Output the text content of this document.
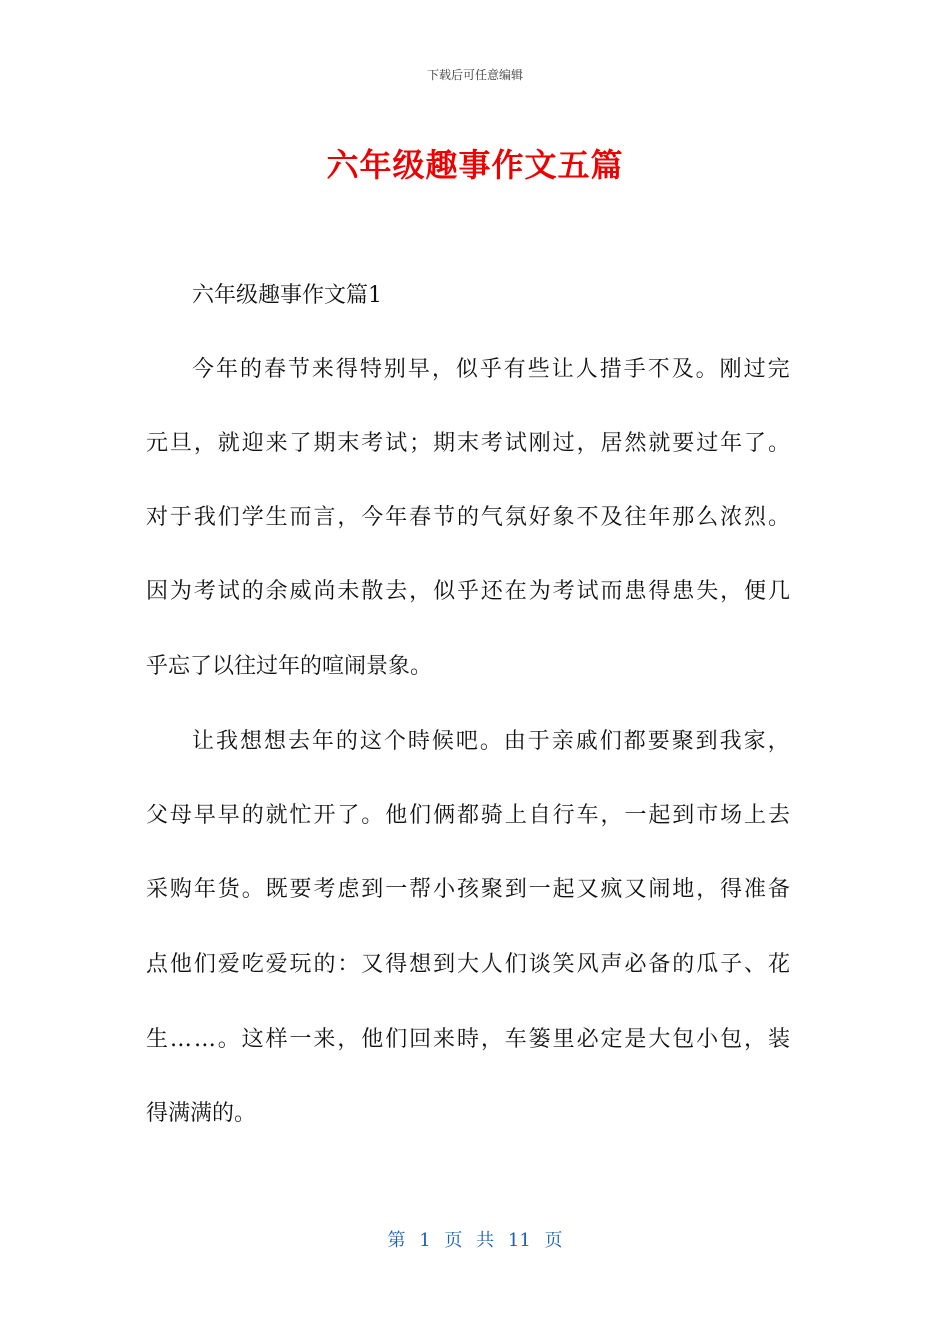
下载后可任意编辑
六年级趣事作文五篇
六年级趣事作文篇1
今 年 的 春 节 来 得 特 别 早 ， 似 乎 有 些 让 人 措 手 不 及 。 刚 过 完
元 旦 ， 就 迎 来 了 期 末 考 试 ； 期 末 考 试 刚 过 ， 居 然 就 要 过 年 了 。
对 于 我 们 学 生 而 言 ， 今 年 春 节 的 气 氛 好 象 不 及 往 年 那 么 浓 烈 。
因 为 考 试 的 余 威 尚 未 散 去 ， 似 乎 还 在 为 考 试 而 患 得 患 失 ， 便 几
乎忘了以往过年的喧闹景象。
让 我 想 想 去 年 的 这 个 時 候 吧 。 由 于 亲 戚 们 都 要 聚 到 我 家 ，
父 母 早 早 的 就 忙 开 了 。 他 们 俩 都 骑 上 自 行 车 ， 一 起 到 市 场 上 去
采 购 年 货 。 既 要 考 虑 到 一 帮 小 孩 聚 到 一 起 又 疯 又 闹 地 ， 得 准 备
点 他 们 爱 吃 爱 玩 的 ： 又 得 想 到 大 人 们 谈 笑 风 声 必 备 的 瓜 子 、 花
生 … … 。 这 样 一 来 ， 他 们 回 来 時 ， 车 篓 里 必 定 是 大 包 小 包 ， 装
得满满的。
第 1 页 共 11 页
